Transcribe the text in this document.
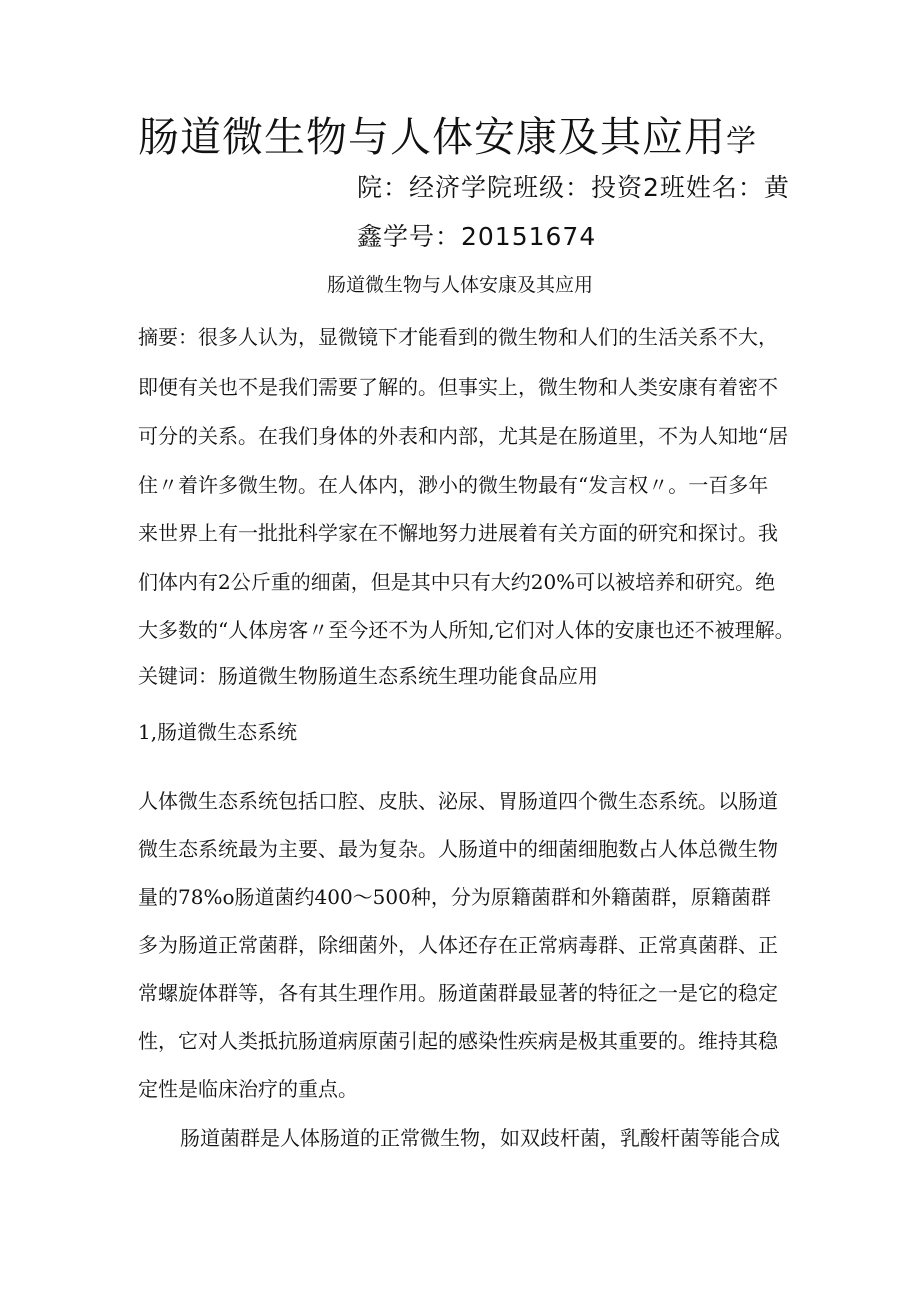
肠道微生物与人体安康及其应用学
院：经济学院班级：投资2班姓名：黄
鑫学号：20151674
肠道微生物与人体安康及其应用
摘要：很多人认为，显微镜下才能看到的微生物和人们的生活关系不大，
即便有关也不是我们需要了解的。但事实上，微生物和人类安康有着密不
可分的关系。在我们身体的外表和内部，尤其是在肠道里，不为人知地“居
住〃着许多微生物。在人体内，渺小的微生物最有“发言权〃。一百多年
来世界上有一批批科学家在不懈地努力进展着有关方面的研究和探讨。我
们体内有2公斤重的细菌，但是其中只有大约20%可以被培养和研究。绝
大多数的“人体房客〃至今还不为人所知,它们对人体的安康也还不被理解。
关键词：肠道微生物肠道生态系统生理功能食品应用
1,肠道微生态系统
人体微生态系统包括口腔、皮肤、泌尿、胃肠道四个微生态系统。以肠道
微生态系统最为主要、最为复杂。人肠道中的细菌细胞数占人体总微生物
量的78%o肠道菌约400～500种，分为原籍菌群和外籍菌群，原籍菌群
多为肠道正常菌群，除细菌外，人体还存在正常病毒群、正常真菌群、正
常螺旋体群等，各有其生理作用。肠道菌群最显著的特征之一是它的稳定
性，它对人类抵抗肠道病原菌引起的感染性疾病是极其重要的。维持其稳
定性是临床治疗的重点。
肠道菌群是人体肠道的正常微生物，如双歧杆菌，乳酸杆菌等能合成
